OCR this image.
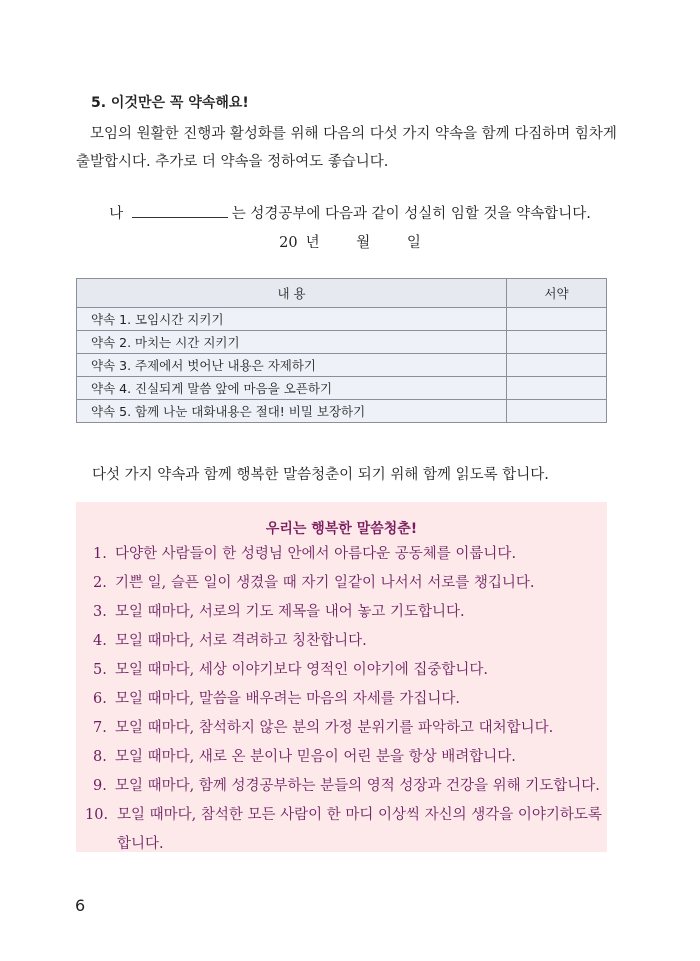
5. 이것만은 꼭 약속해요!
모임의 원활한 진행과 활성화를 위해 다음의 다섯 가지 약속을 함께 다짐하며 힘차게 출발합시다. 추가로 더 약속을 정하여도 좋습니다.
나	는 성경공부에 다음과 같이 성실히 임할 것을 약속합니다.
20 년	월	일
내 용	서약
약속 1. 모임시간 지키기	
약속 2. 마치는 시간 지키기	
약속 3. 주제에서 벗어난 내용은 자제하기	
약속 4. 진실되게 말씀 앞에 마음을 오픈하기	
약속 5. 함께 나눈 대화내용은 절대! 비밀 보장하기	
다섯 가지 약속과 함께 행복한 말씀청춘이 되기 위해 함께 읽도록 합니다.
우리는 행복한 말씀청춘!
1. 다양한 사람들이 한 성령님 안에서 아름다운 공동체를 이룹니다.
2. 기쁜 일, 슬픈 일이 생겼을 때 자기 일같이 나서서 서로를 챙깁니다.
3. 모일 때마다, 서로의 기도 제목을 내어 놓고 기도합니다.
4. 모일 때마다, 서로 격려하고 칭찬합니다.
5. 모일 때마다, 세상 이야기보다 영적인 이야기에 집중합니다.
6. 모일 때마다, 말씀을 배우려는 마음의 자세를 가집니다.
7. 모일 때마다, 참석하지 않은 분의 가정 분위기를 파악하고 대처합니다.
8. 모일 때마다, 새로 온 분이나 믿음이 어린 분을 항상 배려합니다.
9. 모일 때마다, 함께 성경공부하는 분들의 영적 성장과 건강을 위해 기도합니다.
10. 모일 때마다, 참석한 모든 사람이 한 마디 이상씩 자신의 생각을 이야기하도록 합니다.
6
